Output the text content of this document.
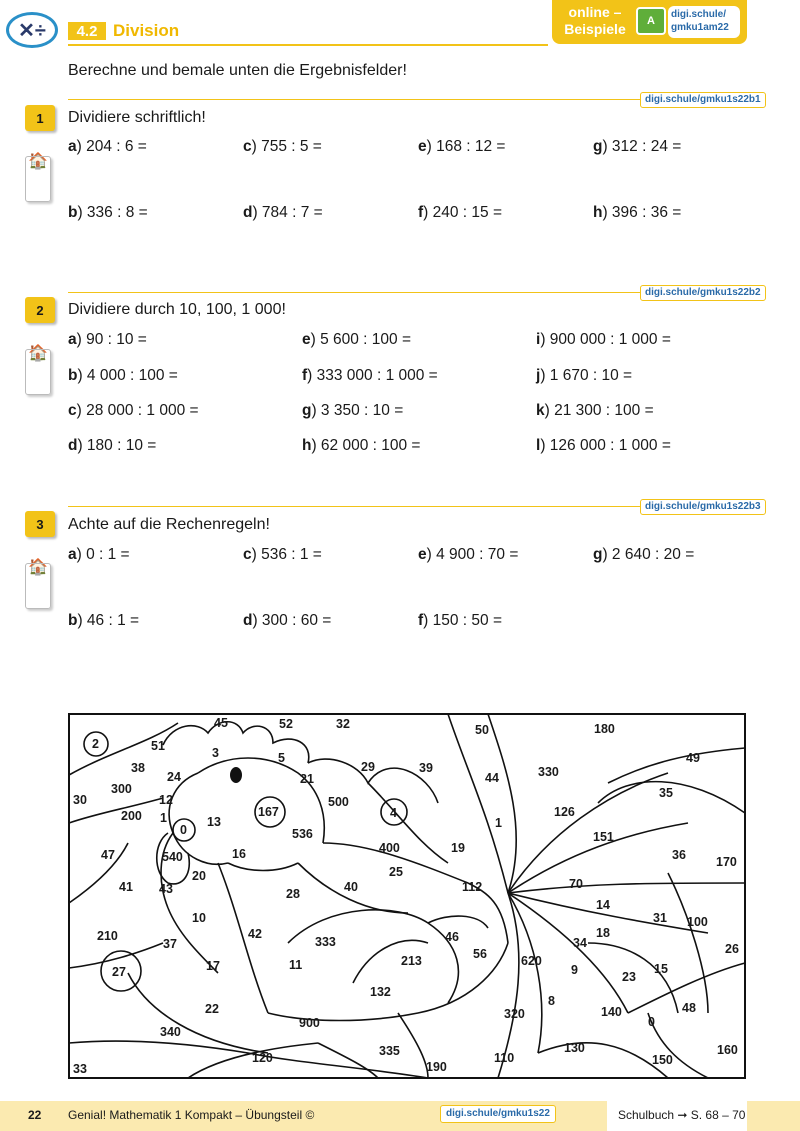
✕÷	4.2 Division
online – Beispiele	A
digi.schule/ gmku1am22
Berechne und bemale unten die Ergebnisfelder!
digi.schule/gmku1s22b1
1
🏠
Dividiere schriftlich!
a) 204 : 6 =	c) 755 : 5 =	e) 168 : 12 =	g) 312 : 24 =
b) 336 : 8 =	d) 784 : 7 =	f) 240 : 15 =	h) 396 : 36 =
digi.schule/gmku1s22b2
2
🏠
Dividiere durch 10, 100, 1 000!
a) 90 : 10 =	e) 5 600 : 100 =	i) 900 000 : 1 000 =
b) 4 000 : 100 =	f) 333 000 : 1 000 =	j) 1 670 : 10 =
c) 28 000 : 1 000 =	g) 3 350 : 10 =	k) 21 300 : 100 =
d) 180 : 10 =	h) 62 000 : 100 =	l) 126 000 : 1 000 =
digi.schule/gmku1s22b3
3
🏠
Achte auf die Rechenregeln!
a) 0 : 1 =	c) 536 : 1 =	e) 4 900 : 70 =	g) 2 640 : 20 =
b) 46 : 1 =	d) 300 : 60 =	f) 150 : 50 =
45	52	32	50	180
2	51	3	5
38
24	21
29	39
44	330
49
30
300
12
167
500
4
35
200 1	13
536
126
0	1
151
47	540	16	400	19	36 170
20	25
70
41 43	28	40	112
10
14
31 100
210
37
42
333	46	18
34	26
56	620
9	23
15
27	11	213
17
132
8	48
22	320	140
0
340
900
130	160
120	335	110	150
33	190
22 Genial! Mathematik 1 Kompakt – Übungsteil ©	digi.schule/gmku1s22	Schulbuch ➞ S. 68 – 70
